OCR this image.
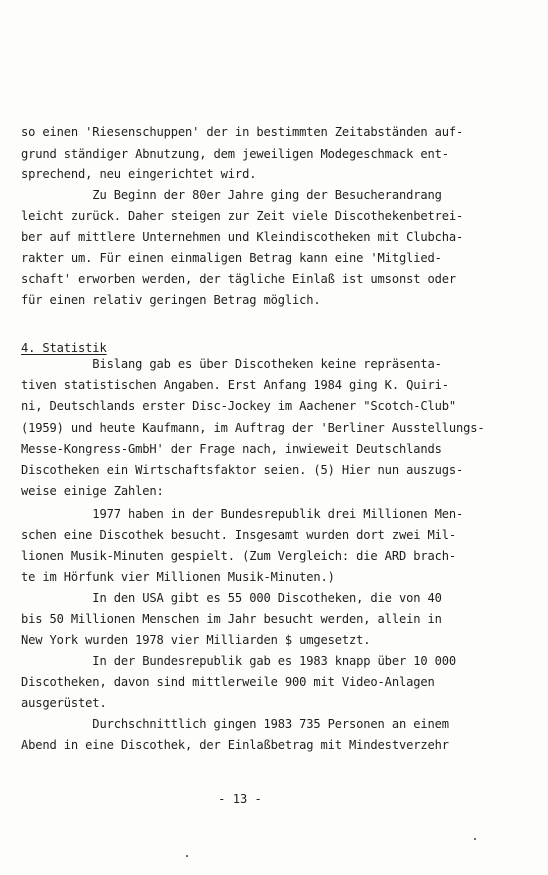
so einen 'Riesenschuppen' der in bestimmten Zeitabständen auf-
grund ständiger Abnutzung, dem jeweiligen Modegeschmack ent-
sprechend, neu eingerichtet wird.
Zu Beginn der 80er Jahre ging der Besucherandrang
leicht zurück. Daher steigen zur Zeit viele Discothekenbetrei-
ber auf mittlere Unternehmen und Kleindiscotheken mit Clubcha-
rakter um. Für einen einmaligen Betrag kann eine 'Mitglied-
schaft' erworben werden, der tägliche Einlaß ist umsonst oder
für einen relativ geringen Betrag möglich.
4. Statistik
Bislang gab es über Discotheken keine repräsenta-
tiven statistischen Angaben. Erst Anfang 1984 ging K. Quiri-
ni, Deutschlands erster Disc-Jockey im Aachener "Scotch-Club"
(1959) und heute Kaufmann, im Auftrag der 'Berliner Ausstellungs-
Messe-Kongress-GmbH' der Frage nach, inwieweit Deutschlands
Discotheken ein Wirtschaftsfaktor seien. (5) Hier nun auszugs-
weise einige Zahlen:
1977 haben in der Bundesrepublik drei Millionen Men-
schen eine Discothek besucht. Insgesamt wurden dort zwei Mil-
lionen Musik-Minuten gespielt. (Zum Vergleich: die ARD brach-
te im Hörfunk vier Millionen Musik-Minuten.)
In den USA gibt es 55 000 Discotheken, die von 40
bis 50 Millionen Menschen im Jahr besucht werden, allein in
New York wurden 1978 vier Milliarden $ umgesetzt.
In der Bundesrepublik gab es 1983 knapp über 10 000
Discotheken, davon sind mittlerweile 900 mit Video-Anlagen
ausgerüstet.
Durchschnittlich gingen 1983 735 Personen an einem
Abend in eine Discothek, der Einlaßbetrag mit Mindestverzehr
- 13 -
